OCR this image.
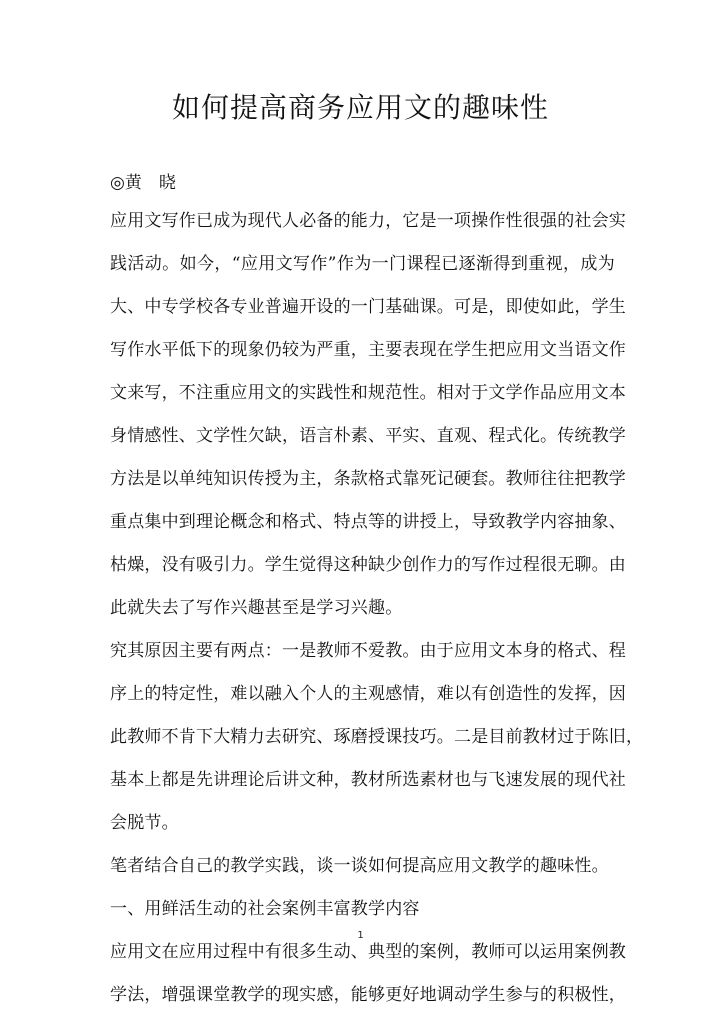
如何提高商务应用文的趣味性
◎黄　晓
应用文写作已成为现代人必备的能力，它是一项操作性很强的社会实
践活动。如今，“应用文写作”作为一门课程已逐渐得到重视，成为
大、中专学校各专业普遍开设的一门基础课。可是，即使如此，学生
写作水平低下的现象仍较为严重，主要表现在学生把应用文当语文作
文来写，不注重应用文的实践性和规范性。相对于文学作品应用文本
身情感性、文学性欠缺，语言朴素、平实、直观、程式化。传统教学
方法是以单纯知识传授为主，条款格式靠死记硬套。教师往往把教学
重点集中到理论概念和格式、特点等的讲授上，导致教学内容抽象、
枯燥，没有吸引力。学生觉得这种缺少创作力的写作过程很无聊。由
此就失去了写作兴趣甚至是学习兴趣。
究其原因主要有两点：一是教师不爱教。由于应用文本身的格式、程
序上的特定性，难以融入个人的主观感情，难以有创造性的发挥，因
此教师不肯下大精力去研究、琢磨授课技巧。二是目前教材过于陈旧，
基本上都是先讲理论后讲文种，教材所选素材也与飞速发展的现代社
会脱节。
笔者结合自己的教学实践，谈一谈如何提高应用文教学的趣味性。
一、用鲜活生动的社会案例丰富教学内容
应用文在应用过程中有很多生动、典型的案例，教师可以运用案例教
学法，增强课堂教学的现实感，能够更好地调动学生参与的积极性，
1
